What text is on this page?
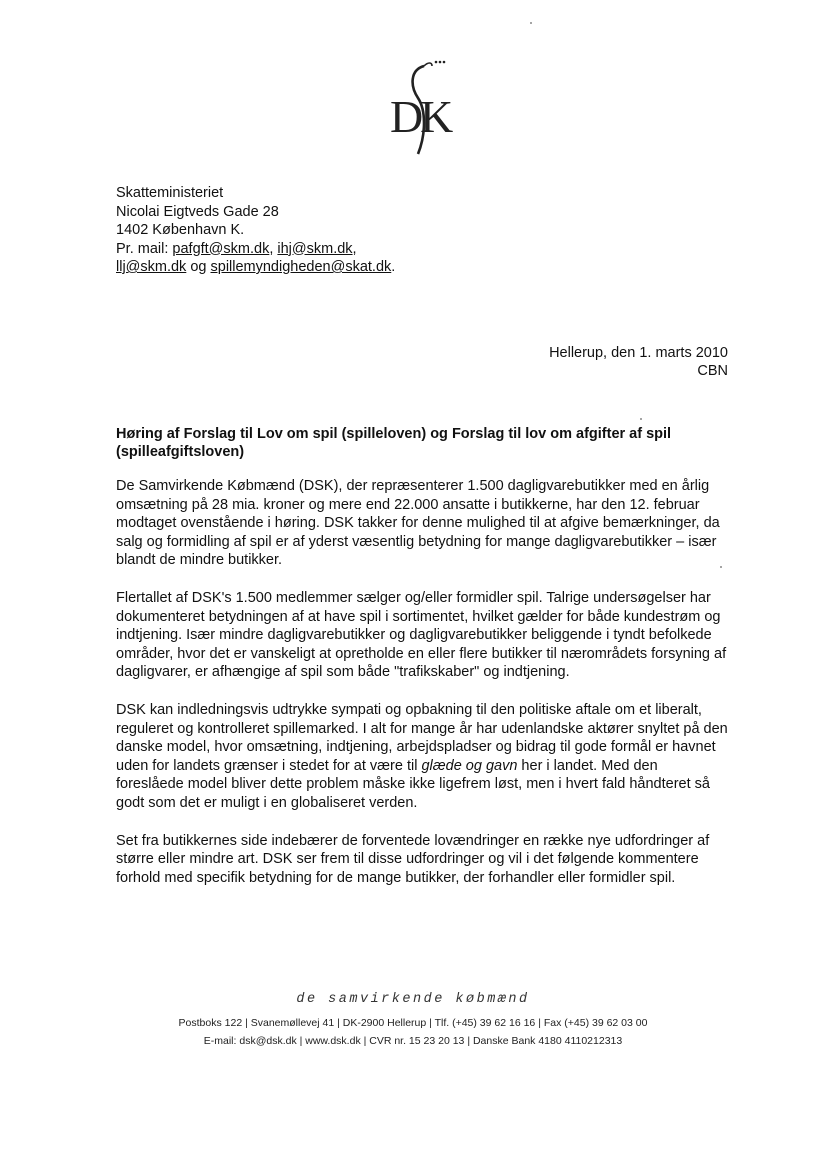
D
K
Skatteministeriet
Nicolai Eigtveds Gade 28
1402 København K.
Pr. mail: pafgft@skm.dk, ihj@skm.dk,
llj@skm.dk og spillemyndigheden@skat.dk.
Hellerup, den 1. marts 2010
CBN
Høring af Forslag til Lov om spil (spilleloven) og Forslag til lov om afgifter af spil (spilleafgiftsloven)

De Samvirkende Købmænd (DSK), der repræsenterer 1.500 dagligvarebutikker med en årlig omsætning på 28 mia. kroner og mere end 22.000 ansatte i butikkerne, har den 12. februar modtaget ovenstående i høring. DSK takker for denne mulighed til at afgive bemærkninger, da salg og formidling af spil er af yderst væsentlig betydning for mange dagligvarebutikker – især blandt de mindre butikker.

Flertallet af DSK's 1.500 medlemmer sælger og/eller formidler spil. Talrige undersøgelser har dokumenteret betydningen af at have spil i sortimentet, hvilket gælder for både kundestrøm og indtjening. Især mindre dagligvarebutikker og dagligvarebutikker beliggende i tyndt befolkede områder, hvor det er vanskeligt at opretholde en eller flere butikker til nærområdets forsyning af dagligvarer, er afhængige af spil som både "trafikskaber" og indtjening.

DSK kan indledningsvis udtrykke sympati og opbakning til den politiske aftale om et liberalt, reguleret og kontrolleret spillemarked. I alt for mange år har udenlandske aktører snyltet på den danske model, hvor omsætning, indtjening, arbejdspladser og bidrag til gode formål er havnet uden for landets grænser i stedet for at være til glæde og gavn her i landet. Med den foreslåede model bliver dette problem måske ikke ligefrem løst, men i hvert fald håndteret så godt som det er muligt i en globaliseret verden.

Set fra butikkernes side indebærer de forventede lovændringer en række nye udfordringer af større eller mindre art. DSK ser frem til disse udfordringer og vil i det følgende kommentere forhold med specifik betydning for de mange butikker, der forhandler eller formidler spil.

de samvirkende købmænd
Postboks 122 | Svanemøllevej 41 | DK-2900 Hellerup | Tlf. (+45) 39 62 16 16 | Fax (+45) 39 62 03 00
E-mail: dsk@dsk.dk | www.dsk.dk | CVR nr. 15 23 20 13 | Danske Bank 4180 4110212313
